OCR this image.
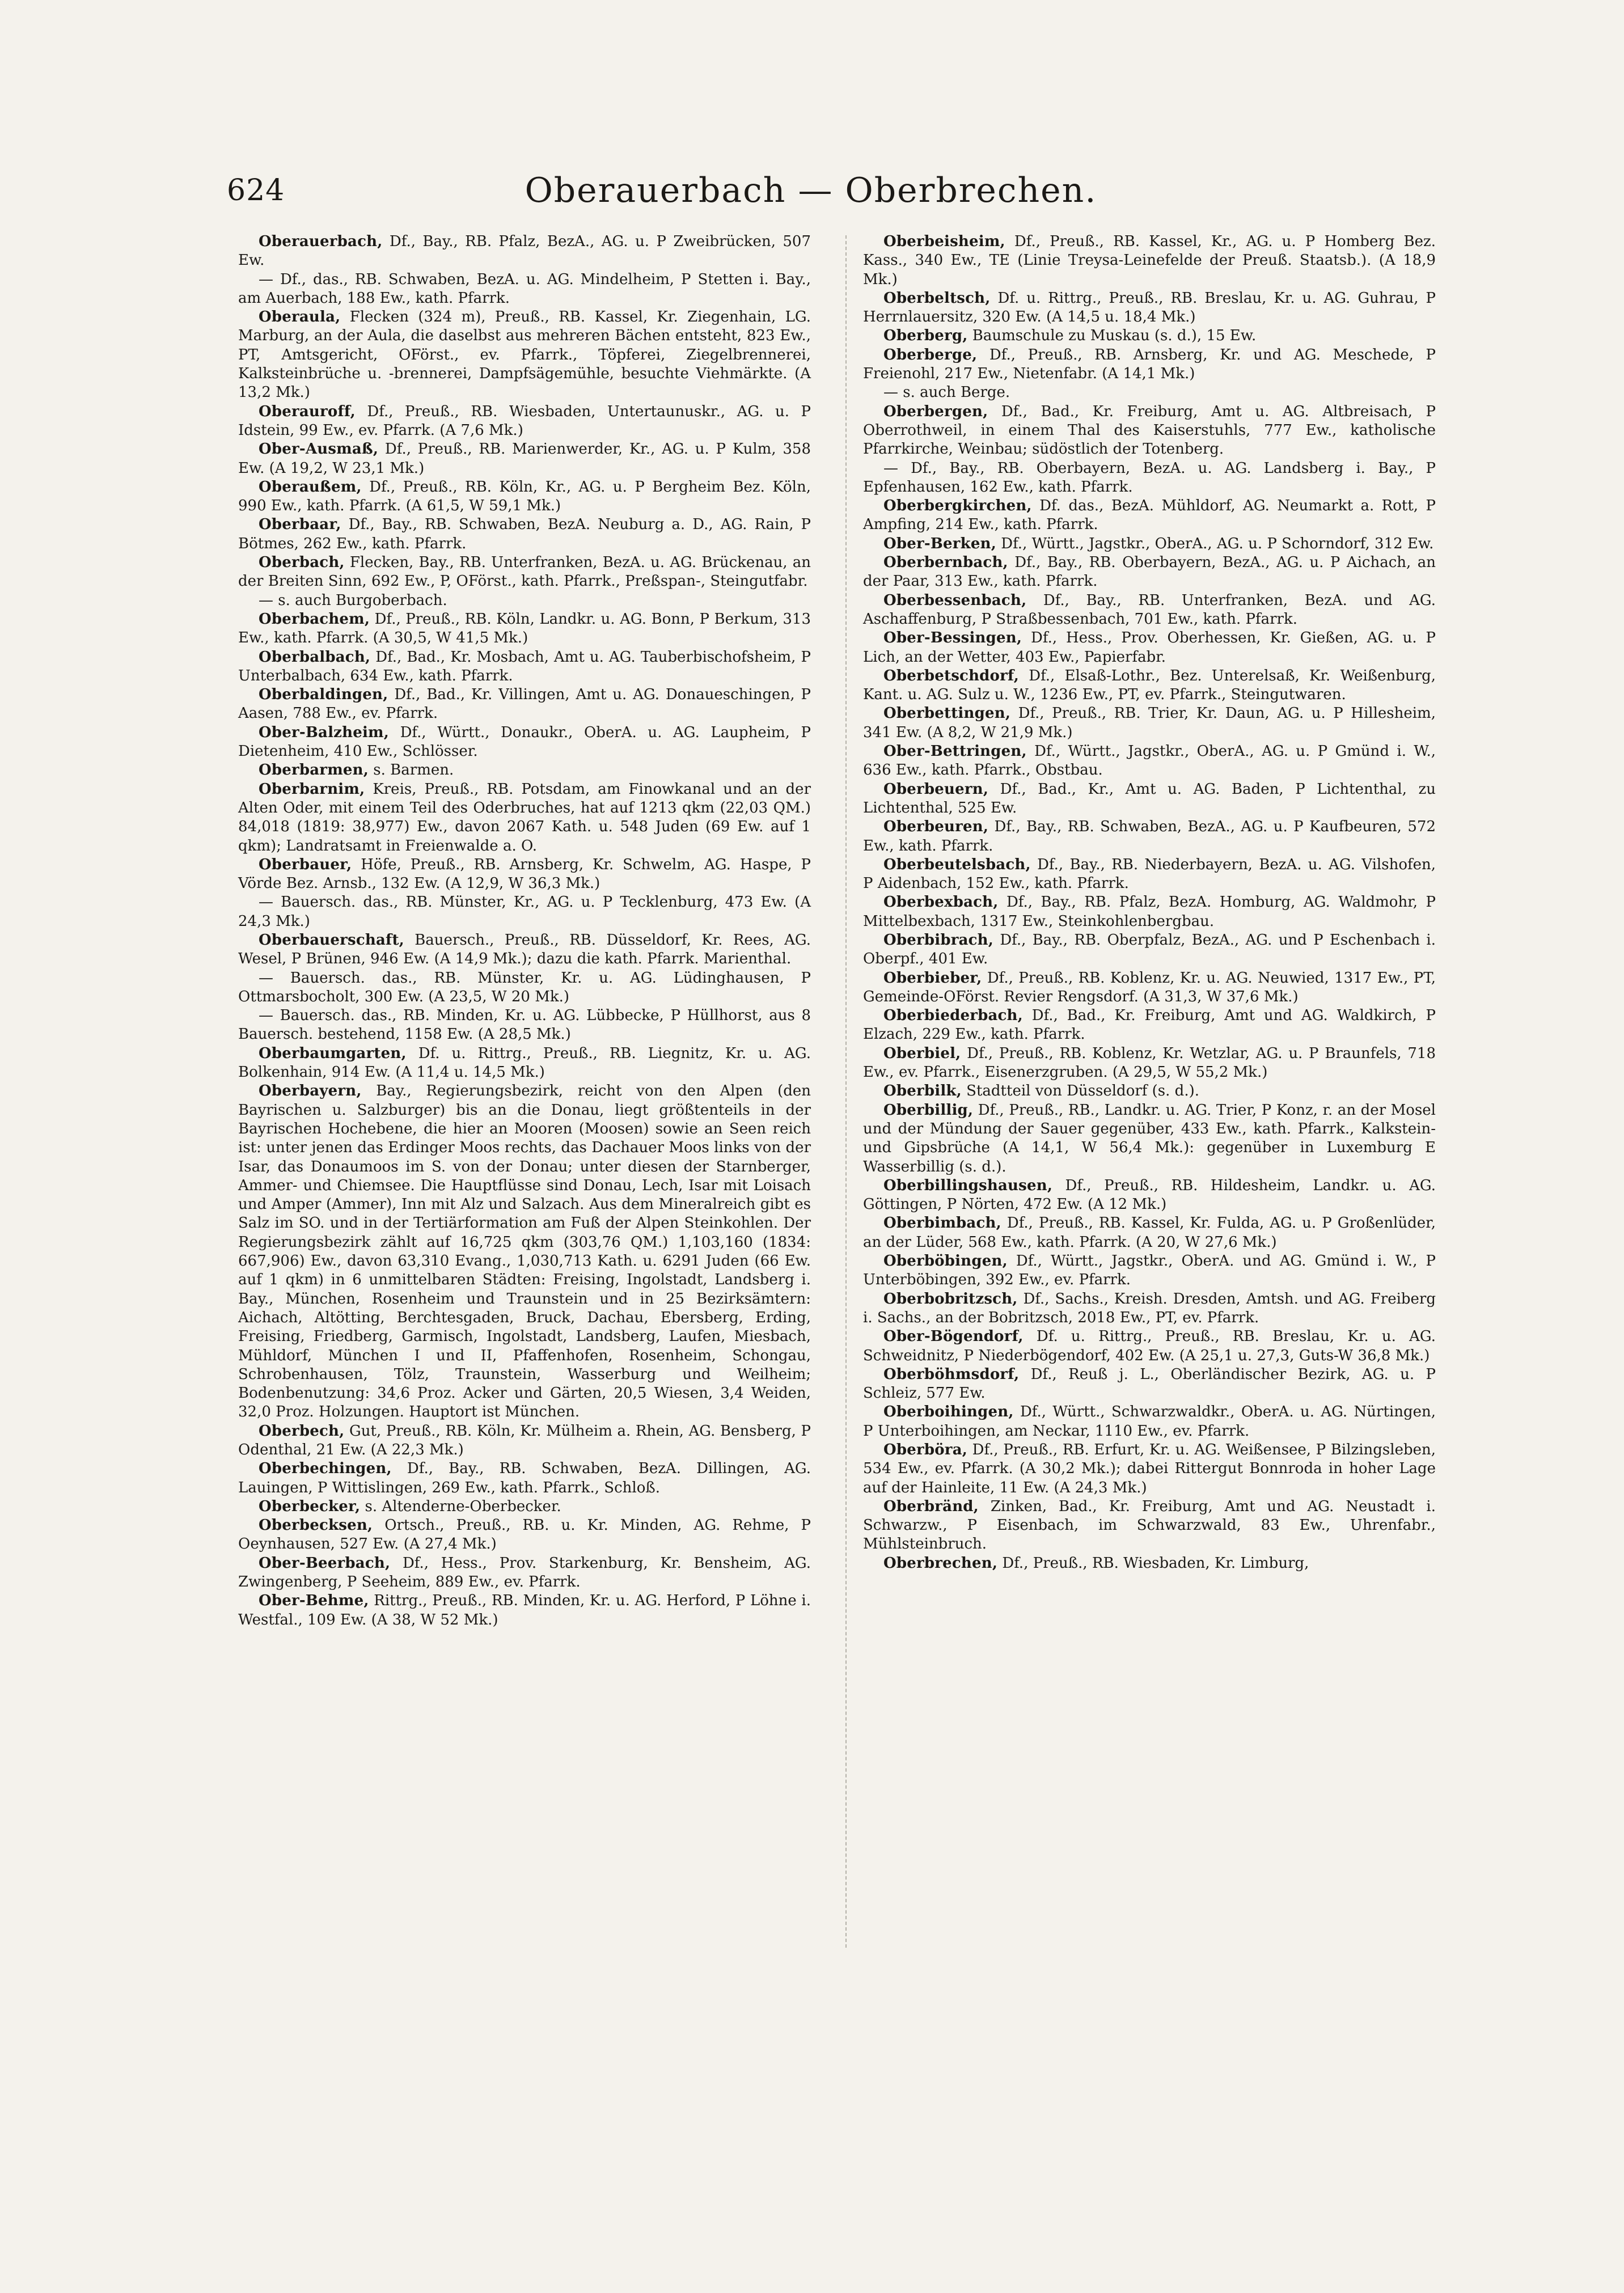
624	Oberauerbach — Oberbrechen.

Oberauerbach, Df., Bay., RB. Pfalz, BezA., AG. u. P Zweibrücken, 507 Ew.

— Df., das., RB. Schwaben, BezA. u. AG. Mindelheim, P Stetten i. Bay., am Auerbach, 188 Ew., kath. Pfarrk.

Oberaula, Flecken (324 m), Preuß., RB. Kassel, Kr. Ziegenhain, LG. Marburg, an der Aula, die daselbst aus mehreren Bächen entsteht, 823 Ew., PT, Amtsgericht, OFörst., ev. Pfarrk., Töpferei, Ziegelbrennerei, Kalksteinbrüche u. -brennerei, Dampfsägemühle, besuchte Viehmärkte. (A 13,2 Mk.)

Oberauroff, Df., Preuß., RB. Wiesbaden, Untertaunuskr., AG. u. P Idstein, 99 Ew., ev. Pfarrk. (A 7,6 Mk.)

Ober-Ausmaß, Df., Preuß., RB. Marienwerder, Kr., AG. u. P Kulm, 358 Ew. (A 19,2, W 23,1 Mk.)

Oberaußem, Df., Preuß., RB. Köln, Kr., AG. u. P Bergheim Bez. Köln, 990 Ew., kath. Pfarrk. (A 61,5, W 59,1 Mk.)

Oberbaar, Df., Bay., RB. Schwaben, BezA. Neuburg a. D., AG. Rain, P Bötmes, 262 Ew., kath. Pfarrk.

Oberbach, Flecken, Bay., RB. Unterfranken, BezA. u. AG. Brückenau, an der Breiten Sinn, 692 Ew., P, OFörst., kath. Pfarrk., Preßspan-, Steingutfabr.

— s. auch Burgoberbach.

Oberbachem, Df., Preuß., RB. Köln, Landkr. u. AG. Bonn, P Berkum, 313 Ew., kath. Pfarrk. (A 30,5, W 41,5 Mk.)

Oberbalbach, Df., Bad., Kr. Mosbach, Amt u. AG. Tauberbischofsheim, P Unterbalbach, 634 Ew., kath. Pfarrk.

Oberbaldingen, Df., Bad., Kr. Villingen, Amt u. AG. Donaueschingen, P Aasen, 788 Ew., ev. Pfarrk.

Ober-Balzheim, Df., Württ., Donaukr., OberA. u. AG. Laupheim, P Dietenheim, 410 Ew., Schlösser.

Oberbarmen, s. Barmen.

Oberbarnim, Kreis, Preuß., RB. Potsdam, am Finowkanal und an der Alten Oder, mit einem Teil des Oderbruches, hat auf 1213 qkm (22,03 QM.) 84,018 (1819: 38,977) Ew., davon 2067 Kath. u. 548 Juden (69 Ew. auf 1 qkm); Landratsamt in Freienwalde a. O.

Oberbauer, Höfe, Preuß., RB. Arnsberg, Kr. Schwelm, AG. Haspe, P Vörde Bez. Arnsb., 132 Ew. (A 12,9, W 36,3 Mk.)

— Bauersch. das., RB. Münster, Kr., AG. u. P Tecklenburg, 473 Ew. (A 24,3 Mk.)

Oberbauerschaft, Bauersch., Preuß., RB. Düsseldorf, Kr. Rees, AG. Wesel, P Brünen, 946 Ew. (A 14,9 Mk.); dazu die kath. Pfarrk. Marienthal.

— Bauersch. das., RB. Münster, Kr. u. AG. Lüdinghausen, P Ottmarsbocholt, 300 Ew. (A 23,5, W 20 Mk.)

— Bauersch. das., RB. Minden, Kr. u. AG. Lübbecke, P Hüllhorst, aus 8 Bauersch. bestehend, 1158 Ew. (A 28,5 Mk.)

Oberbaumgarten, Df. u. Rittrg., Preuß., RB. Liegnitz, Kr. u. AG. Bolkenhain, 914 Ew. (A 11,4 u. 14,5 Mk.)

Oberbayern, Bay., Regierungsbezirk, reicht von den Alpen (den Bayrischen u. Salzburger) bis an die Donau, liegt größtenteils in der Bayrischen Hochebene, die hier an Mooren (Moosen) sowie an Seen reich ist: unter jenen das Erdinger Moos rechts, das Dachauer Moos links von der Isar, das Donaumoos im S. von der Donau; unter diesen der Starnberger, Ammer- und Chiemsee. Die Hauptflüsse sind Donau, Lech, Isar mit Loisach und Amper (Ammer), Inn mit Alz und Salzach. Aus dem Mineralreich gibt es Salz im SO. und in der Tertiärformation am Fuß der Alpen Steinkohlen. Der Regierungsbezirk zählt auf 16,725 qkm (303,76 QM.) 1,103,160 (1834: 667,906) Ew., davon 63,310 Evang., 1,030,713 Kath. u. 6291 Juden (66 Ew. auf 1 qkm) in 6 unmittelbaren Städten: Freising, Ingolstadt, Landsberg i. Bay., München, Rosenheim und Traunstein und in 25 Bezirksämtern: Aichach, Altötting, Berchtesgaden, Bruck, Dachau, Ebersberg, Erding, Freising, Friedberg, Garmisch, Ingolstadt, Landsberg, Laufen, Miesbach, Mühldorf, München I und II, Pfaffenhofen, Rosenheim, Schongau, Schrobenhausen, Tölz, Traunstein, Wasserburg und Weilheim; Bodenbenutzung: 34,6 Proz. Acker und Gärten, 20,5 Wiesen, 3,4 Weiden, 32,0 Proz. Holzungen. Hauptort ist München.

Oberbech, Gut, Preuß., RB. Köln, Kr. Mülheim a. Rhein, AG. Bensberg, P Odenthal, 21 Ew. (A 22,3 Mk.)

Oberbechingen, Df., Bay., RB. Schwaben, BezA. Dillingen, AG. Lauingen, P Wittislingen, 269 Ew., kath. Pfarrk., Schloß.

Oberbecker, s. Altenderne-Oberbecker.

Oberbecksen, Ortsch., Preuß., RB. u. Kr. Minden, AG. Rehme, P Oeynhausen, 527 Ew. (A 27,4 Mk.)

Ober-Beerbach, Df., Hess., Prov. Starkenburg, Kr. Bensheim, AG. Zwingenberg, P Seeheim, 889 Ew., ev. Pfarrk.

Ober-Behme, Rittrg., Preuß., RB. Minden, Kr. u. AG. Herford, P Löhne i. Westfal., 109 Ew. (A 38, W 52 Mk.)

Oberbeisheim, Df., Preuß., RB. Kassel, Kr., AG. u. P Homberg Bez. Kass., 340 Ew., TE (Linie Treysa-Leinefelde der Preuß. Staatsb.). (A 18,9 Mk.)

Oberbeltsch, Df. u. Rittrg., Preuß., RB. Breslau, Kr. u. AG. Guhrau, P Herrnlauersitz, 320 Ew. (A 14,5 u. 18,4 Mk.)

Oberberg, Baumschule zu Muskau (s. d.), 15 Ew.

Oberberge, Df., Preuß., RB. Arnsberg, Kr. und AG. Meschede, P Freienohl, 217 Ew., Nietenfabr. (A 14,1 Mk.)

— s. auch Berge.

Oberbergen, Df., Bad., Kr. Freiburg, Amt u. AG. Altbreisach, P Oberrothweil, in einem Thal des Kaiserstuhls, 777 Ew., katholische Pfarrkirche, Weinbau; südöstlich der Totenberg.

— Df., Bay., RB. Oberbayern, BezA. u. AG. Landsberg i. Bay., P Epfenhausen, 162 Ew., kath. Pfarrk.

Oberbergkirchen, Df. das., BezA. Mühldorf, AG. Neumarkt a. Rott, P Ampfing, 214 Ew., kath. Pfarrk.

Ober-Berken, Df., Württ., Jagstkr., OberA., AG. u. P Schorndorf, 312 Ew.

Oberbernbach, Df., Bay., RB. Oberbayern, BezA., AG. u. P Aichach, an der Paar, 313 Ew., kath. Pfarrk.

Oberbessenbach, Df., Bay., RB. Unterfranken, BezA. und AG. Aschaffenburg, P Straßbessenbach, 701 Ew., kath. Pfarrk.

Ober-Bessingen, Df., Hess., Prov. Oberhessen, Kr. Gießen, AG. u. P Lich, an der Wetter, 403 Ew., Papierfabr.

Oberbetschdorf, Df., Elsaß-Lothr., Bez. Unterelsaß, Kr. Weißenburg, Kant. u. AG. Sulz u. W., 1236 Ew., PT, ev. Pfarrk., Steingutwaren.

Oberbettingen, Df., Preuß., RB. Trier, Kr. Daun, AG. u. P Hillesheim, 341 Ew. (A 8,2, W 21,9 Mk.)

Ober-Bettringen, Df., Württ., Jagstkr., OberA., AG. u. P Gmünd i. W., 636 Ew., kath. Pfarrk., Obstbau.

Oberbeuern, Df., Bad., Kr., Amt u. AG. Baden, P Lichtenthal, zu Lichtenthal, 525 Ew.

Oberbeuren, Df., Bay., RB. Schwaben, BezA., AG. u. P Kaufbeuren, 572 Ew., kath. Pfarrk.

Oberbeutelsbach, Df., Bay., RB. Niederbayern, BezA. u. AG. Vilshofen, P Aidenbach, 152 Ew., kath. Pfarrk.

Oberbexbach, Df., Bay., RB. Pfalz, BezA. Homburg, AG. Waldmohr, P Mittelbexbach, 1317 Ew., Steinkohlenbergbau.

Oberbibrach, Df., Bay., RB. Oberpfalz, BezA., AG. und P Eschenbach i. Oberpf., 401 Ew.

Oberbieber, Df., Preuß., RB. Koblenz, Kr. u. AG. Neuwied, 1317 Ew., PT, Gemeinde-OFörst. Revier Rengsdorf. (A 31,3, W 37,6 Mk.)

Oberbiederbach, Df., Bad., Kr. Freiburg, Amt und AG. Waldkirch, P Elzach, 229 Ew., kath. Pfarrk.

Oberbiel, Df., Preuß., RB. Koblenz, Kr. Wetzlar, AG. u. P Braunfels, 718 Ew., ev. Pfarrk., Eisenerzgruben. (A 29,5, W 55,2 Mk.)

Oberbilk, Stadtteil von Düsseldorf (s. d.).

Oberbillig, Df., Preuß., RB., Landkr. u. AG. Trier, P Konz, r. an der Mosel und der Mündung der Sauer gegenüber, 433 Ew., kath. Pfarrk., Kalkstein- und Gipsbrüche (A 14,1, W 56,4 Mk.): gegenüber in Luxemburg E Wasserbillig (s. d.).

Oberbillingshausen, Df., Preuß., RB. Hildesheim, Landkr. u. AG. Göttingen, P Nörten, 472 Ew. (A 12 Mk.)

Oberbimbach, Df., Preuß., RB. Kassel, Kr. Fulda, AG. u. P Großenlüder, an der Lüder, 568 Ew., kath. Pfarrk. (A 20, W 27,6 Mk.)

Oberböbingen, Df., Württ., Jagstkr., OberA. und AG. Gmünd i. W., P Unterböbingen, 392 Ew., ev. Pfarrk.

Oberbobritzsch, Df., Sachs., Kreish. Dresden, Amtsh. und AG. Freiberg i. Sachs., an der Bobritzsch, 2018 Ew., PT, ev. Pfarrk.

Ober-Bögendorf, Df. u. Rittrg., Preuß., RB. Breslau, Kr. u. AG. Schweidnitz, P Niederbögendorf, 402 Ew. (A 25,1 u. 27,3, Guts-W 36,8 Mk.)

Oberböhmsdorf, Df., Reuß j. L., Oberländischer Bezirk, AG. u. P Schleiz, 577 Ew.

Oberboihingen, Df., Württ., Schwarzwaldkr., OberA. u. AG. Nürtingen, P Unterboihingen, am Neckar, 1110 Ew., ev. Pfarrk.

Oberböra, Df., Preuß., RB. Erfurt, Kr. u. AG. Weißensee, P Bilzingsleben, 534 Ew., ev. Pfarrk. (A 30,2 Mk.); dabei Rittergut Bonnroda in hoher Lage auf der Hainleite, 11 Ew. (A 24,3 Mk.)

Oberbränd, Zinken, Bad., Kr. Freiburg, Amt und AG. Neustadt i. Schwarzw., P Eisenbach, im Schwarzwald, 83 Ew., Uhrenfabr., Mühlsteinbruch.

Oberbrechen, Df., Preuß., RB. Wiesbaden, Kr. Limburg,
